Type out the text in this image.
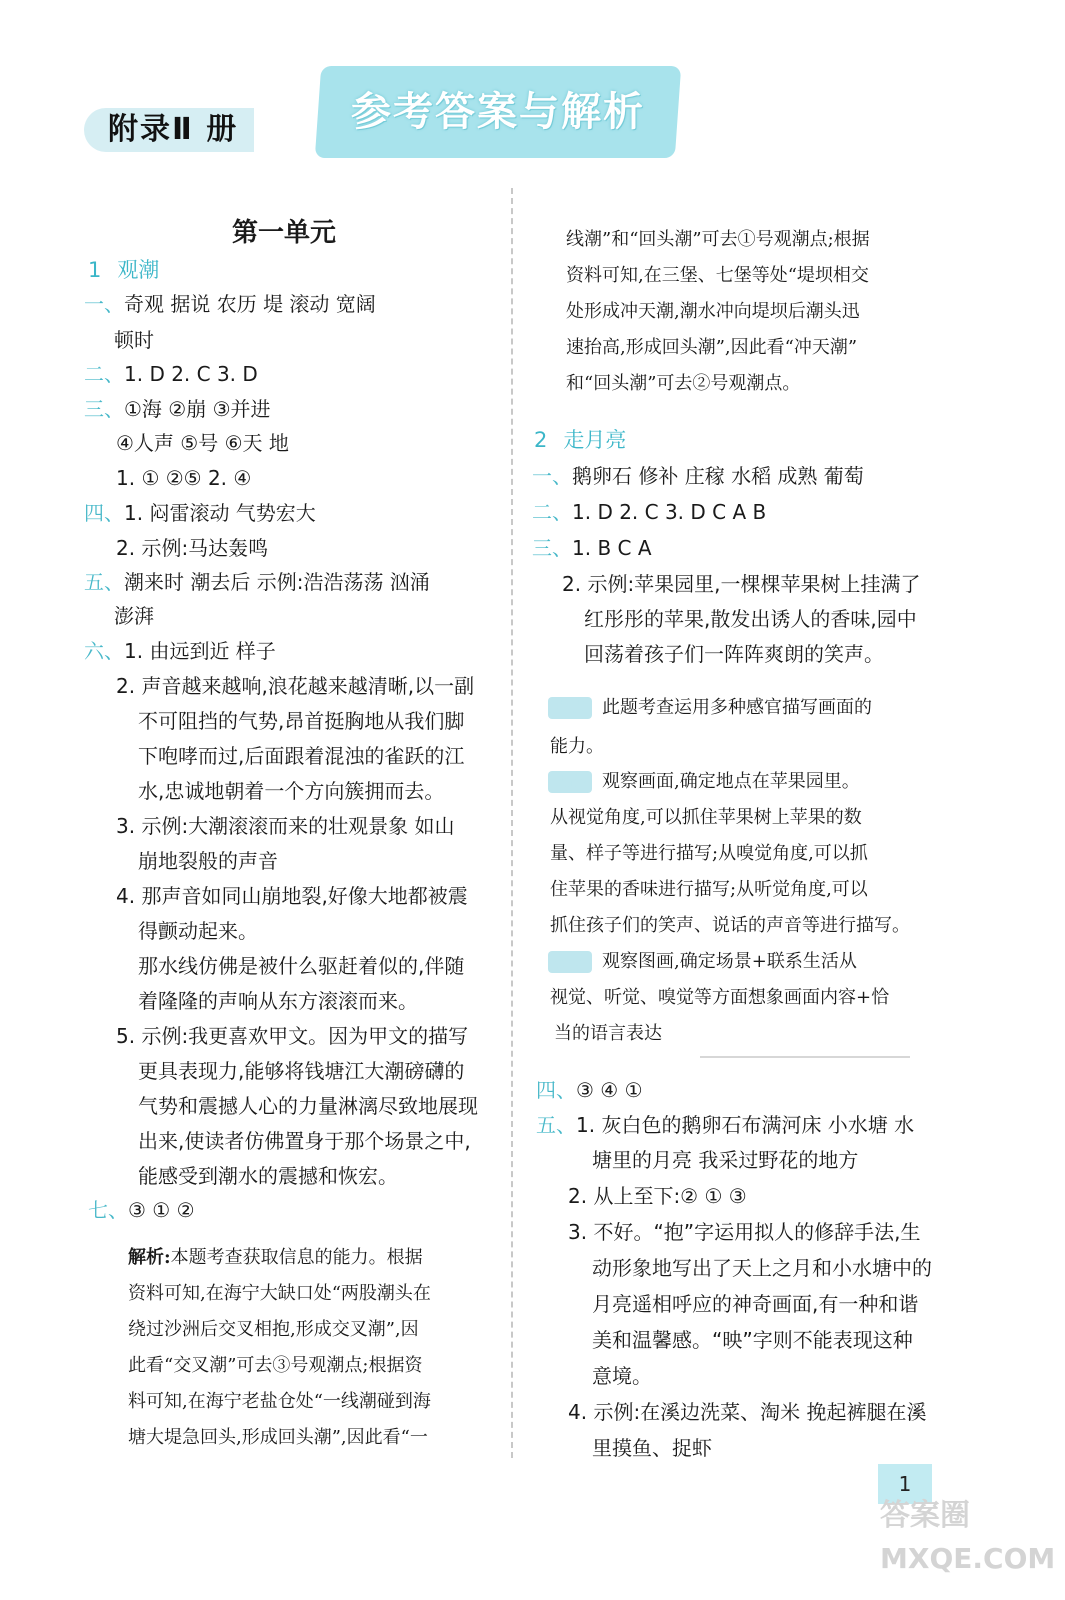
附录Ⅱ 册	参考答案与解析
第一单元
1 观潮
一、奇观 据说 农历 堤 滚动 宽阔
顿时
二、1. D 2. C 3. D
三、①海 ②崩 ③并进
④人声 ⑤号 ⑥天 地
1. ① ②⑤ 2. ④
四、1. 闷雷滚动 气势宏大
2. 示例:马达轰鸣
五、潮来时 潮去后 示例:浩浩荡荡 汹涌
澎湃
六、1. 由远到近 样子
2. 声音越来越响,浪花越来越清晰,以一副
不可阻挡的气势,昂首挺胸地从我们脚
下咆哮而过,后面跟着混浊的雀跃的江
水,忠诚地朝着一个方向簇拥而去。
3. 示例:大潮滚滚而来的壮观景象 如山
崩地裂般的声音
4. 那声音如同山崩地裂,好像大地都被震
得颤动起来。
那水线仿佛是被什么驱赶着似的,伴随
着隆隆的声响从东方滚滚而来。
5. 示例:我更喜欢甲文。因为甲文的描写
更具表现力,能够将钱塘江大潮磅礴的
气势和震撼人心的力量淋漓尽致地展现
出来,使读者仿佛置身于那个场景之中,
能感受到潮水的震撼和恢宏。
七、③ ① ②
解析:本题考查获取信息的能力。根据
资料可知,在海宁大缺口处“两股潮头在
绕过沙洲后交叉相抱,形成交叉潮”,因
此看“交叉潮”可去③号观潮点;根据资
料可知,在海宁老盐仓处“一线潮碰到海
塘大堤急回头,形成回头潮”,因此看“一
线潮”和“回头潮”可去①号观潮点;根据
资料可知,在三堡、七堡等处“堤坝相交
处形成冲天潮,潮水冲向堤坝后潮头迅
速抬高,形成回头潮”,因此看“冲天潮”
和“回头潮”可去②号观潮点。
2 走月亮
一、鹅卵石 修补 庄稼 水稻 成熟 葡萄
二、1. D 2. C 3. D C A B
三、1. B C A
2. 示例:苹果园里,一棵棵苹果树上挂满了
红彤彤的苹果,散发出诱人的香味,园中
回荡着孩子们一阵阵爽朗的笑声。
考点 此题考查运用多种感官描写画面的
能力。
思路 观察画面,确定地点在苹果园里。
从视觉角度,可以抓住苹果树上苹果的数
量、样子等进行描写;从嗅觉角度,可以抓
住苹果的香味进行描写;从听觉角度,可以
抓住孩子们的笑声、说话的声音等进行描写。
公式 观察图画,确定场景+联系生活从
视觉、听觉、嗅觉等方面想象画面内容+恰
当的语言表达
四、③ ④ ①
五、1. 灰白色的鹅卵石布满河床 小水塘 水
塘里的月亮 我采过野花的地方
2. 从上至下:② ① ③
3. 不好。“抱”字运用拟人的修辞手法,生
动形象地写出了天上之月和小水塘中的
月亮遥相呼应的神奇画面,有一种和谐
美和温馨感。“映”字则不能表现这种
意境。
4. 示例:在溪边洗菜、淘米 挽起裤腿在溪
里摸鱼、捉虾
1
答案圈
MXQE.COM
